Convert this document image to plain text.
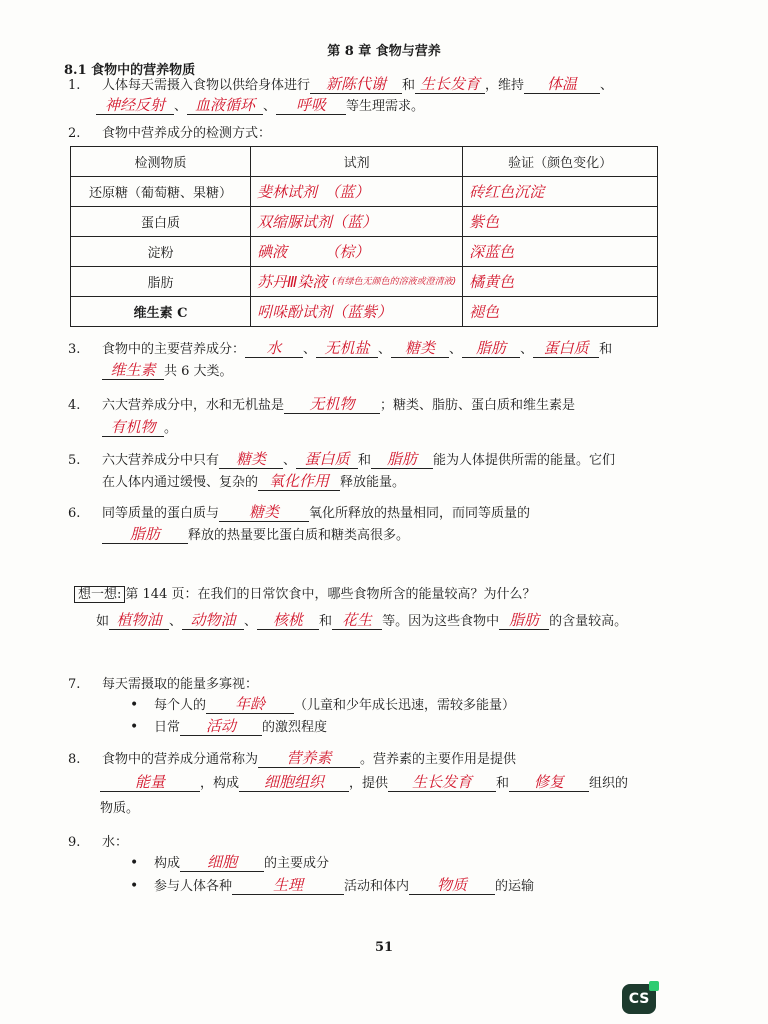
第 8 章 食物与营养
8.1 食物中的营养物质
1. 人体每天需摄入食物以供给身体进行 新陈代谢 和 生长发育 ，维持 体温 、
神经反射 、 血液循环 、 呼吸 等生理需求。
2. 食物中营养成分的检测方式：
检测物质	试剂	验证（颜色变化）
还原糖（葡萄糖、果糖）	斐林试剂　（蓝）	砖红色沉淀
蛋白质	双缩脲试剂（蓝）	紫色
淀粉	碘液　　　（棕）	深蓝色
脂肪	苏丹Ⅲ染液 (有绿色无颜色的溶液或澄清液)	橘黄色
维生素 C	吲哚酚试剂（蓝紫）	褪色
3. 食物中的主要营养成分： 水 、 无机盐 、 糖类 、 脂肪 、 蛋白质 和
维生素 共 6 大类。
4. 六大营养成分中，水和无机盐是 无机物 ；糖类、脂肪、蛋白质和维生素是
有机物 。
5. 六大营养成分中只有 糖类 、 蛋白质 和 脂肪 能为人体提供所需的能量。它们
在人体内通过缓慢、复杂的 氧化作用 释放能量。
6. 同等质量的蛋白质与 糖类 氧化所释放的热量相同，而同等质量的
脂肪 释放的热量要比蛋白质和糖类高很多。
想一想: 第 144 页：在我们的日常饮食中，哪些食物所含的能量较高？为什么？
如 植物油 、 动物油 、 核桃 和 花生 等。因为这些食物中 脂肪 的含量较高。
7. 每天需摄取的能量多寡视：
• 每个人的 年龄 （儿童和少年成长迅速，需较多能量）
• 日常 活动 的激烈程度
8. 食物中的营养成分通常称为 营养素 。营养素的主要作用是提供
能量	，构成 细胞组织 ，提供 生长发育 和 修复 组织的
物质。
9. 水：
• 构成 细胞 的主要成分
• 参与人体各种	生理	活动和体内 物质 的运输
51
CS
